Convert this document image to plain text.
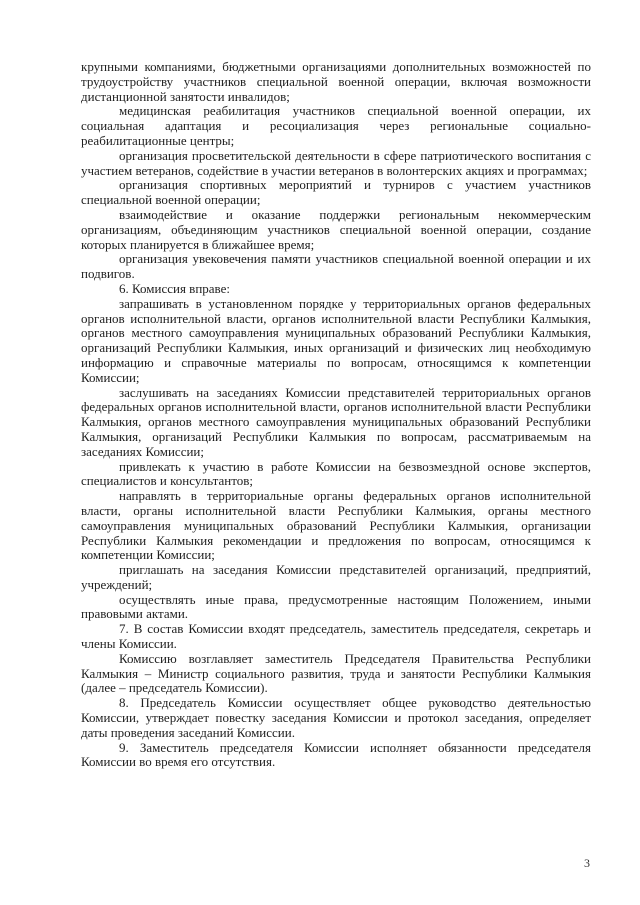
крупными компаниями, бюджетными организациями дополнительных возможностей по трудоустройству участников специальной военной операции, включая возможности дистанционной занятости инвалидов;

медицинская реабилитация участников специальной военной операции, их социальная адаптация и ресоциализация через региональные социально-реабилитационные центры;

организация просветительской деятельности в сфере патриотического воспитания с участием ветеранов, содействие в участии ветеранов в волонтерских акциях и программах;

организация спортивных мероприятий и турниров с участием участников специальной военной операции;

взаимодействие и оказание поддержки региональным некоммерческим организациям, объединяющим участников специальной военной операции, создание которых планируется в ближайшее время;

организация увековечения памяти участников специальной военной операции и их подвигов.

6. Комиссия вправе:

запрашивать в установленном порядке у территориальных органов федеральных органов исполнительной власти, органов исполнительной власти Республики Калмыкия, органов местного самоуправления муниципальных образований Республики Калмыкия, организаций Республики Калмыкия, иных организаций и физических лиц необходимую информацию и справочные материалы по вопросам, относящимся к компетенции Комиссии;

заслушивать на заседаниях Комиссии представителей территориальных органов федеральных органов исполнительной власти, органов исполнительной власти Республики Калмыкия, органов местного самоуправления муниципальных образований Республики Калмыкия, организаций Республики Калмыкия по вопросам, рассматриваемым на заседаниях Комиссии;

привлекать к участию в работе Комиссии на безвозмездной основе экспертов, специалистов и консультантов;

направлять в территориальные органы федеральных органов исполнительной власти, органы исполнительной власти Республики Калмыкия, органы местного самоуправления муниципальных образований Республики Калмыкия, организации Республики Калмыкия рекомендации и предложения по вопросам, относящимся к компетенции Комиссии;

приглашать на заседания Комиссии представителей организаций, предприятий, учреждений;

осуществлять иные права, предусмотренные настоящим Положением, иными правовыми актами.

7. В состав Комиссии входят председатель, заместитель председателя, секретарь и члены Комиссии.

Комиссию возглавляет заместитель Председателя Правительства Республики Калмыкия – Министр социального развития, труда и занятости Республики Калмыкия (далее – председатель Комиссии).

8. Председатель Комиссии осуществляет общее руководство деятельностью Комиссии, утверждает повестку заседания Комиссии и протокол заседания, определяет даты проведения заседаний Комиссии.

9. Заместитель председателя Комиссии исполняет обязанности председателя Комиссии во время его отсутствия.

3
